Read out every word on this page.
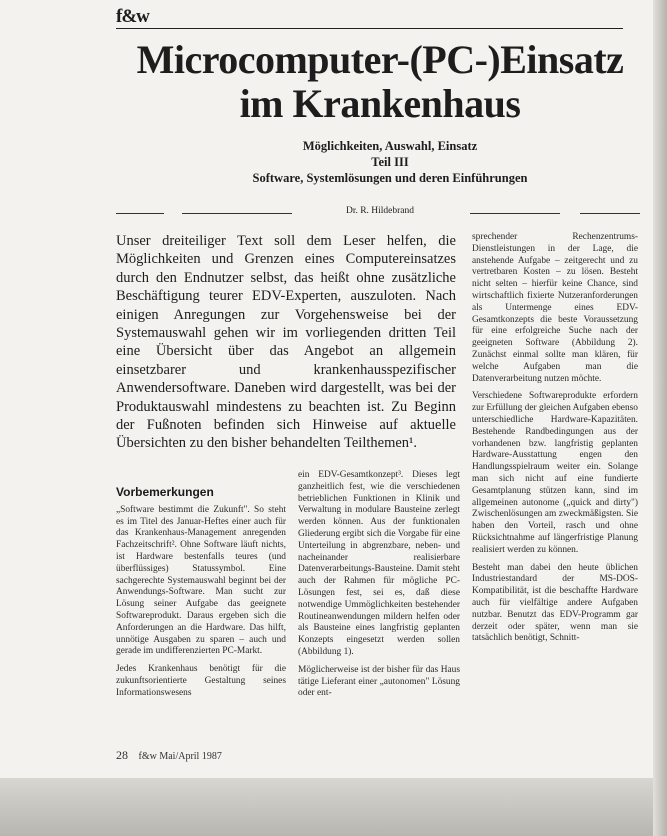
f&w
Microcomputer-(PC-)Einsatz
im Krankenhaus
Möglichkeiten, Auswahl, Einsatz
Teil III
Software, Systemlösungen und deren Einführungen
Dr. R. Hildebrand
Unser dreiteiliger Text soll dem Leser helfen, die Möglichkeiten und Grenzen eines Computereinsatzes durch den Endnutzer selbst, das heißt ohne zusätzliche Beschäftigung teurer EDV-Experten, auszuloten. Nach einigen Anregungen zur Vorgehensweise bei der Systemauswahl gehen wir im vorliegenden dritten Teil eine Übersicht über das Angebot an allgemein einsetzbarer und krankenhausspezifischer Anwendersoftware. Daneben wird dargestellt, was bei der Produktauswahl mindestens zu beachten ist. Zu Beginn der Fußnoten befinden sich Hinweise auf aktuelle Übersichten zu den bisher behandelten Teilthemen¹.
Vorbemerkungen

„Software bestimmt die Zukunft". So steht es im Titel des Januar-Heftes einer auch für das Krankenhaus-Management anregenden Fachzeitschrift². Ohne Software läuft nichts, ist Hardware bestenfalls teures (und überflüssiges) Statussymbol. Eine sachgerechte Systemauswahl beginnt bei der Anwendungs-Software. Man sucht zur Lösung seiner Aufgabe das geeignete Softwareprodukt. Daraus ergeben sich die Anforderungen an die Hardware. Das hilft, unnötige Ausgaben zu sparen – auch und gerade im undifferenzierten PC-Markt.

Jedes Krankenhaus benötigt für die zukunftsorientierte Gestaltung seines Informationswesens

ein EDV-Gesamtkonzept³. Dieses legt ganzheitlich fest, wie die verschiedenen betrieblichen Funktionen in Klinik und Verwaltung in modulare Bausteine zerlegt werden können. Aus der funktionalen Gliederung ergibt sich die Vorgabe für eine Unterteilung in abgrenzbare, neben- und nacheinander realisierbare Datenverarbeitungs-Bausteine. Damit steht auch der Rahmen für mögliche PC-Lösungen fest, sei es, daß diese notwendige Ummöglichkeiten bestehender Routineanwendungen mildern helfen oder als Bausteine eines langfristig geplanten Konzepts eingesetzt werden sollen (Abbildung 1).

Möglicherweise ist der bisher für das Haus tätige Lieferant einer „autonomen" Lösung oder ent-

sprechender Rechenzentrums-Dienstleistungen in der Lage, die anstehende Aufgabe – zeitgerecht und zu vertretbaren Kosten – zu lösen. Besteht nicht selten – hierfür keine Chance, sind wirtschaftlich fixierte Nutzeranforderungen als Untermenge eines EDV-Gesamtkonzepts die beste Voraussetzung für eine erfolgreiche Suche nach der geeigneten Software (Abbildung 2). Zunächst einmal sollte man klären, für welche Aufgaben man die Datenverarbeitung nutzen möchte.

Verschiedene Softwareprodukte erfordern zur Erfüllung der gleichen Aufgaben ebenso unterschiedliche Hardware-Kapazitäten. Bestehende Randbedingungen aus der vorhandenen bzw. langfristig geplanten Hardware-Ausstattung engen den Handlungsspielraum weiter ein. Solange man sich nicht auf eine fundierte Gesamtplanung stützen kann, sind im allgemeinen autonome („quick and dirty") Zwischenlösungen am zweckmäßigsten. Sie haben den Vorteil, rasch und ohne Rücksichtnahme auf längerfristige Planung realisiert werden zu können.

Besteht man dabei den heute üblichen Industriestandard der MS-DOS-Kompatibilität, ist die beschaffte Hardware auch für vielfältige andere Aufgaben nutzbar. Benutzt das EDV-Programm gar derzeit oder später, wenn man sie tatsächlich benötigt, Schnitt-

28 f&w Mai/April 1987
